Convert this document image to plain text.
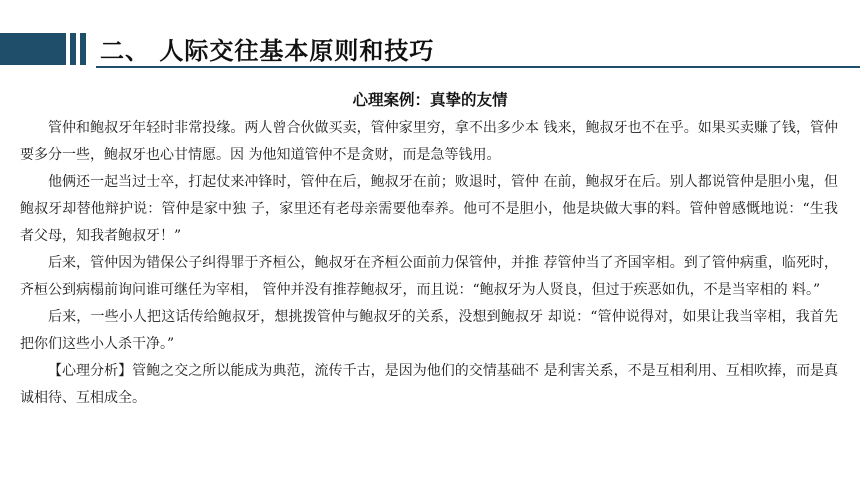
二、 人际交往基本原则和技巧
心理案例：真挚的友情

管仲和鲍叔牙年轻时非常投缘。两人曾合伙做买卖，管仲家里穷，拿不出多少本 钱来，鲍叔牙也不在乎。如果买卖赚了钱，管仲要多分一些，鲍叔牙也心甘情愿。因 为他知道管仲不是贪财，而是急等钱用。

他俩还一起当过士卒，打起仗来冲锋时，管仲在后，鲍叔牙在前；败退时，管仲 在前，鲍叔牙在后。别人都说管仲是胆小鬼，但鲍叔牙却替他辩护说：管仲是家中独 子，家里还有老母亲需要他奉养。他可不是胆小，他是块做大事的料。管仲曾感慨地说：“生我者父母，知我者鲍叔牙！”

后来，管仲因为错保公子纠得罪于齐桓公，鲍叔牙在齐桓公面前力保管仲，并推 荐管仲当了齐国宰相。到了管仲病重，临死时，齐桓公到病榻前询问谁可继任为宰相， 管仲并没有推荐鲍叔牙，而且说：“鲍叔牙为人贤良，但过于疾恶如仇，不是当宰相的 料。”

后来，一些小人把这话传给鲍叔牙，想挑拨管仲与鲍叔牙的关系，没想到鲍叔牙 却说：“管仲说得对，如果让我当宰相，我首先把你们这些小人杀干净。”

【心理分析】管鲍之交之所以能成为典范，流传千古，是因为他们的交情基础不 是利害关系，不是互相利用、互相吹捧，而是真诚相待、互相成全。
